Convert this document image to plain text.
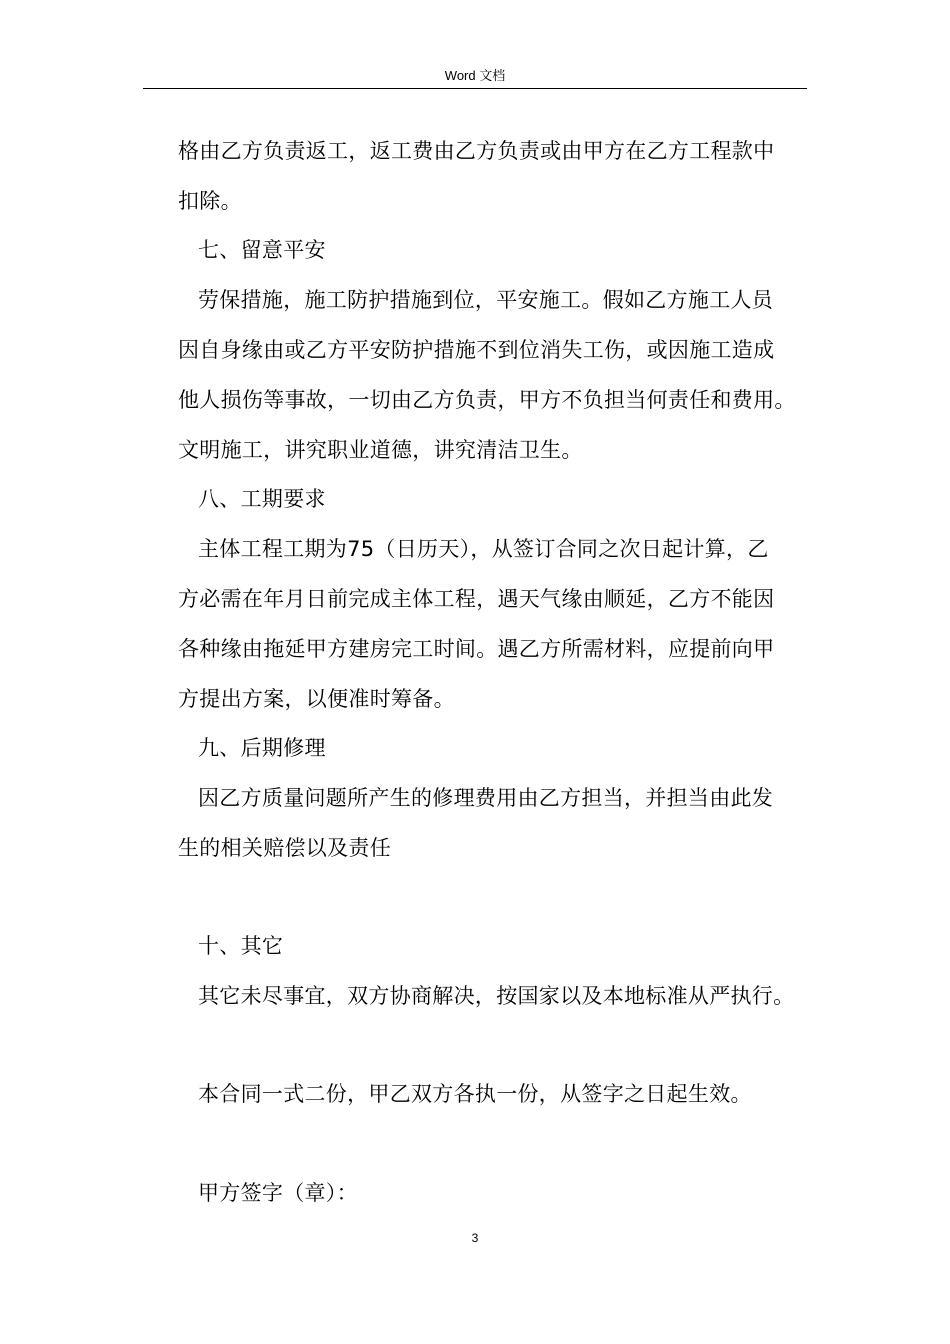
Word 文档
格由乙方负责返工，返工费由乙方负责或由甲方在乙方工程款中
扣除。
七、留意平安
劳保措施，施工防护措施到位，平安施工。假如乙方施工人员
因自身缘由或乙方平安防护措施不到位消失工伤，或因施工造成
他人损伤等事故，一切由乙方负责，甲方不负担当何责任和费用。
文明施工，讲究职业道德，讲究清洁卫生。
八、工期要求
主体工程工期为75（日历天），从签订合同之次日起计算，乙
方必需在年月日前完成主体工程，遇天气缘由顺延，乙方不能因
各种缘由拖延甲方建房完工时间。遇乙方所需材料，应提前向甲
方提出方案，以便准时筹备。
九、后期修理
因乙方质量问题所产生的修理费用由乙方担当，并担当由此发
生的相关赔偿以及责任
十、其它
其它未尽事宜，双方协商解决，按国家以及本地标准从严执行。
本合同一式二份，甲乙双方各执一份，从签字之日起生效。
甲方签字（章）：
3
